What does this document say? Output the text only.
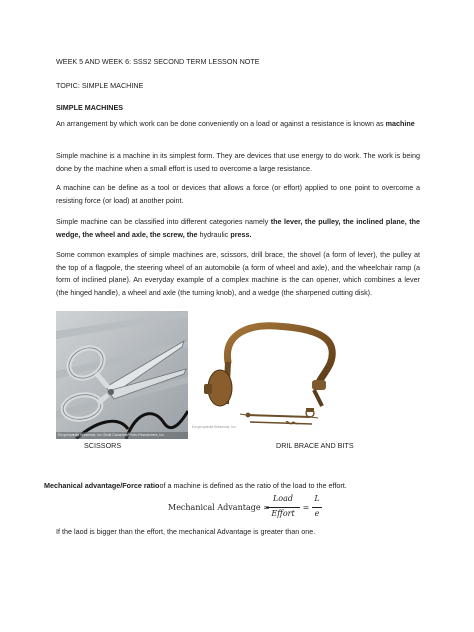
WEEK 5 AND WEEK 6: SSS2 SECOND TERM LESSON NOTE
TOPIC: SIMPLE MACHINE
SIMPLE MACHINES
An arrangement by which work can be done conveniently on a load or against a resistance is known as machine
Simple machine is a machine in its simplest form. They are devices that use energy to do work. The work is being done by the machine when a small effort is used to overcome a large resistance.
A machine can be define as a tool or devices that allows a force (or effort) applied to one point to overcome a resisting force (or load) at another point.
Simple machine can be classified into different categories namely the lever, the pulley, the inclined plane, the wedge, the wheel and axle, the screw, the hydraulic press.
Some common examples of simple machines are, scissors, drill brace, the shovel (a form of lever), the pulley at the top of a flagpole, the steering wheel of an automobile (a form of wheel and axle), and the wheelchair ramp (a form of inclined plane). An everyday example of a complex machine is the can opener, which combines a lever (the hinged handle), a wheel and axle (the turning knob), and a wedge (the sharpened cutting disk).
Encyclopædia Britannica, Inc./Scott Camazine/Photo Researchers, Inc.
Encyclopædia Britannica, Inc.
SCISSORS	DRIL BRACE AND BITS
Mechanical advantage/Force ratioof a machine is defined as the ratio of the load to the effort.
Mechanical Advantage =
Load
Effort
=
L
e
If the laod is bigger than the effort, the mechanical Advantage is greater than one.
